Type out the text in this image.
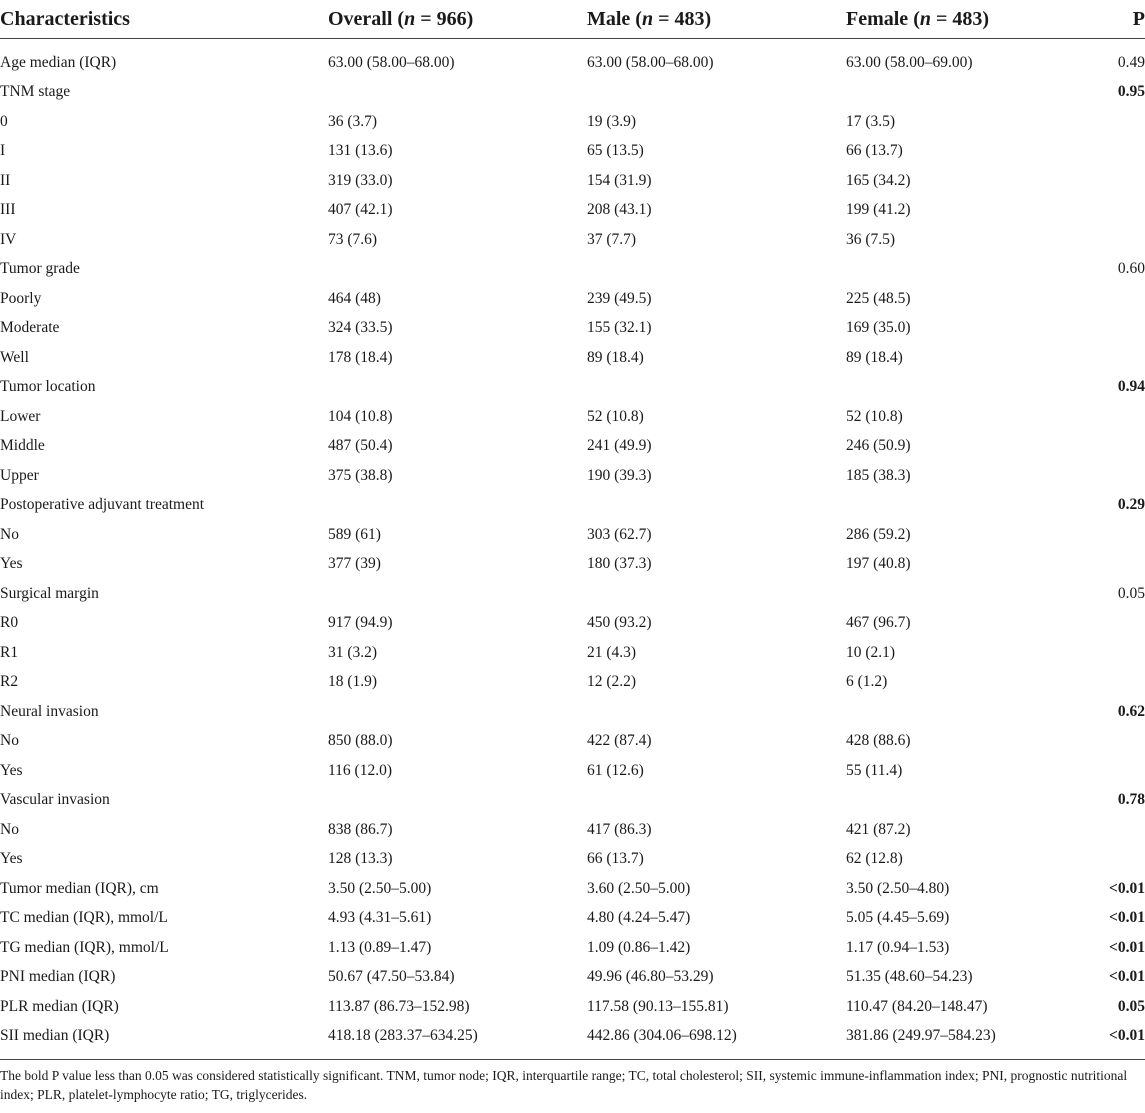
Characteristics	Overall (n = 966)	Male (n = 483)	Female (n = 483)	P
Age median (IQR)	63.00 (58.00–68.00)	63.00 (58.00–68.00)	63.00 (58.00–69.00)	0.49
TNM stage				0.95
0	36 (3.7)	19 (3.9)	17 (3.5)	
I	131 (13.6)	65 (13.5)	66 (13.7)	
II	319 (33.0)	154 (31.9)	165 (34.2)	
III	407 (42.1)	208 (43.1)	199 (41.2)	
IV	73 (7.6)	37 (7.7)	36 (7.5)	
Tumor grade				0.60
Poorly	464 (48)	239 (49.5)	225 (48.5)	
Moderate	324 (33.5)	155 (32.1)	169 (35.0)	
Well	178 (18.4)	89 (18.4)	89 (18.4)	
Tumor location				0.94
Lower	104 (10.8)	52 (10.8)	52 (10.8)	
Middle	487 (50.4)	241 (49.9)	246 (50.9)	
Upper	375 (38.8)	190 (39.3)	185 (38.3)	
Postoperative adjuvant treatment				0.29
No	589 (61)	303 (62.7)	286 (59.2)	
Yes	377 (39)	180 (37.3)	197 (40.8)	
Surgical margin				0.05
R0	917 (94.9)	450 (93.2)	467 (96.7)	
R1	31 (3.2)	21 (4.3)	10 (2.1)	
R2	18 (1.9)	12 (2.2)	6 (1.2)	
Neural invasion				0.62
No	850 (88.0)	422 (87.4)	428 (88.6)	
Yes	116 (12.0)	61 (12.6)	55 (11.4)	
Vascular invasion				0.78
No	838 (86.7)	417 (86.3)	421 (87.2)	
Yes	128 (13.3)	66 (13.7)	62 (12.8)	
Tumor median (IQR), cm	3.50 (2.50–5.00)	3.60 (2.50–5.00)	3.50 (2.50–4.80)	<0.01
TC median (IQR), mmol/L	4.93 (4.31–5.61)	4.80 (4.24–5.47)	5.05 (4.45–5.69)	<0.01
TG median (IQR), mmol/L	1.13 (0.89–1.47)	1.09 (0.86–1.42)	1.17 (0.94–1.53)	<0.01
PNI median (IQR)	50.67 (47.50–53.84)	49.96 (46.80–53.29)	51.35 (48.60–54.23)	<0.01
PLR median (IQR)	113.87 (86.73–152.98)	117.58 (90.13–155.81)	110.47 (84.20–148.47)	0.05
SII median (IQR)	418.18 (283.37–634.25)	442.86 (304.06–698.12)	381.86 (249.97–584.23)	<0.01
The bold P value less than 0.05 was considered statistically significant. TNM, tumor node; IQR, interquartile range; TC, total cholesterol; SII, systemic immune-inflammation index; PNI, prognostic nutritional index; PLR, platelet-lymphocyte ratio; TG, triglycerides.
